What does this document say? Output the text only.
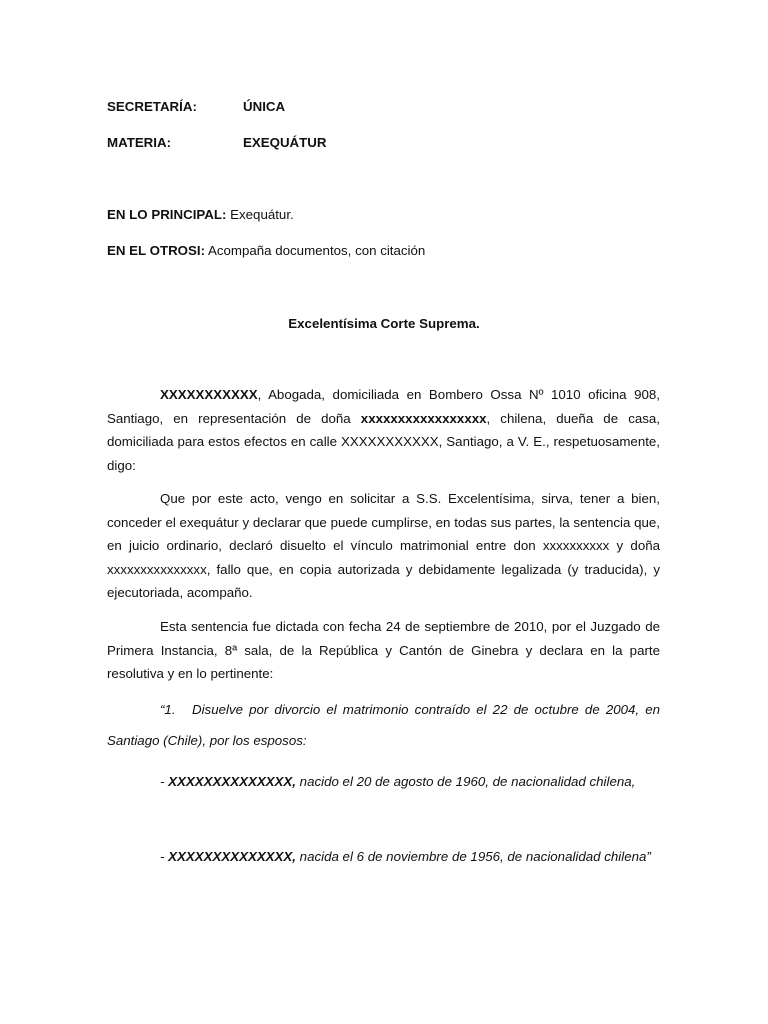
SECRETARÍA:	ÚNICA
MATERIA:	EXEQUÁTUR
EN LO PRINCIPAL: Exequátur.
EN EL OTROSI: Acompaña documentos, con citación
Excelentísima Corte Suprema.
XXXXXXXXXXX, Abogada, domiciliada en Bombero Ossa Nº 1010 oficina 908, Santiago, en representación de doña xxxxxxxxxxxxxxxxx, chilena, dueña de casa, domiciliada para estos efectos en calle XXXXXXXXXXX, Santiago, a V. E., respetuosamente, digo:
Que por este acto, vengo en solicitar a S.S. Excelentísima, sirva, tener a bien, conceder el exequátur y declarar que puede cumplirse, en todas sus partes, la sentencia que, en juicio ordinario, declaró disuelto el vínculo matrimonial entre don xxxxxxxxxx y doña xxxxxxxxxxxxxxx, fallo que, en copia autorizada y debidamente legalizada (y traducida), y ejecutoriada, acompaño.
Esta sentencia fue dictada con fecha 24 de septiembre de 2010, por el Juzgado de Primera Instancia, 8ª sala, de la República y Cantón de Ginebra y declara en la parte resolutiva y en lo pertinente:
“1. Disuelve por divorcio el matrimonio contraído el 22 de octubre de 2004, en Santiago (Chile), por los esposos:
- XXXXXXXXXXXXXX, nacido el 20 de agosto de 1960, de nacionalidad chilena,
- XXXXXXXXXXXXXX, nacida el 6 de noviembre de 1956, de nacionalidad chilena”
